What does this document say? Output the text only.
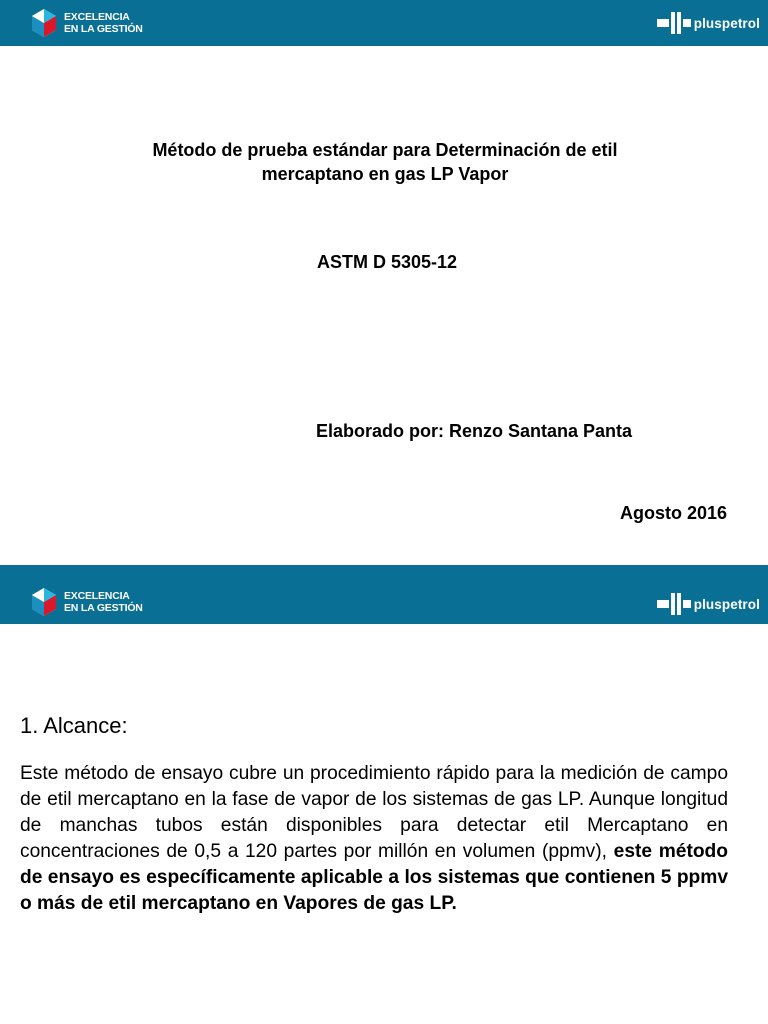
EXCELENCIA
EN LA GESTIÓN	pluspetrol
Método de prueba estándar para Determinación de etil mercaptano en gas LP Vapor
ASTM D 5305-12
Elaborado por: Renzo Santana Panta
Agosto 2016
EXCELENCIA
EN LA GESTIÓN	pluspetrol
1. Alcance:
Este método de ensayo cubre un procedimiento rápido para la medición de campo de etil mercaptano en la fase de vapor de los sistemas de gas LP. Aunque longitud de manchas tubos están disponibles para detectar etil Mercaptano en concentraciones de 0,5 a 120 partes por millón en volumen (ppmv), este método de ensayo es específicamente aplicable a los sistemas que contienen 5 ppmv o más de etil mercaptano en Vapores de gas LP.
